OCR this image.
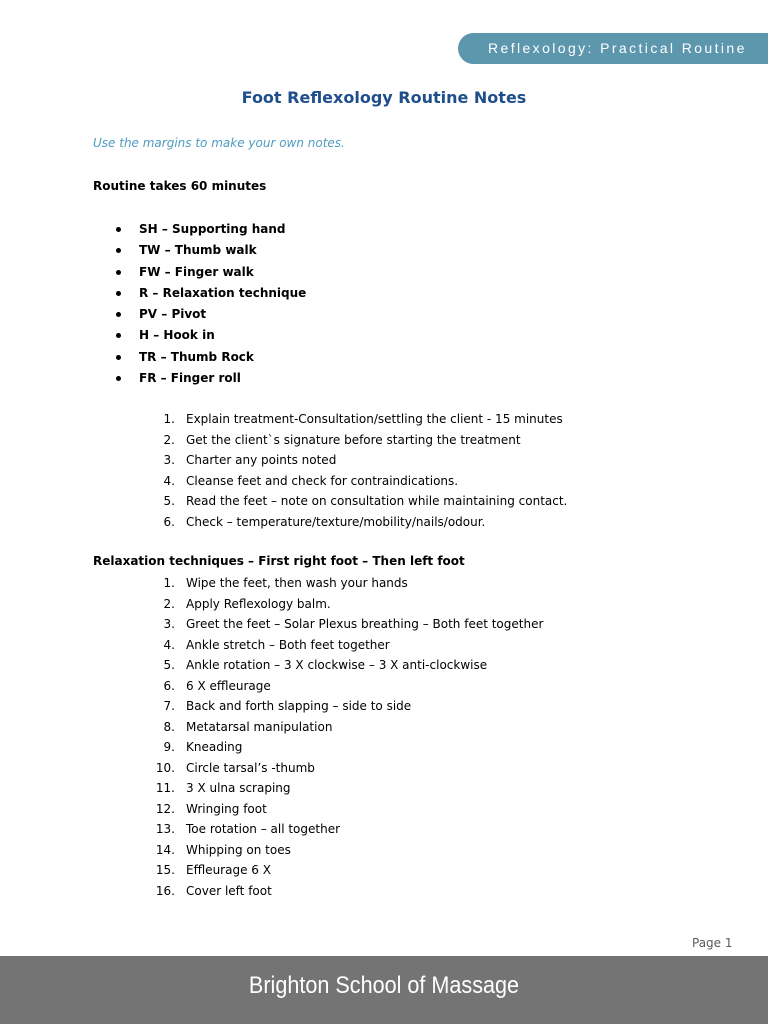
Reflexology: Practical Routine
Foot Reflexology Routine Notes

Use the margins to make your own notes.

Routine takes 60 minutes

SH – Supporting hand
TW – Thumb walk
FW – Finger walk
R – Relaxation technique
PV – Pivot
H – Hook in
TR – Thumb Rock
FR – Finger roll
1. Explain treatment-Consultation/settling the client - 15 minutes
2. Get the client`s signature before starting the treatment
3. Charter any points noted
4. Cleanse feet and check for contraindications.
5. Read the feet – note on consultation while maintaining contact.
6. Check – temperature/texture/mobility/nails/odour.

Relaxation techniques – First right foot – Then left foot

1. Wipe the feet, then wash your hands
2. Apply Reflexology balm.
3. Greet the feet – Solar Plexus breathing – Both feet together
4. Ankle stretch – Both feet together
5. Ankle rotation – 3 X clockwise – 3 X anti-clockwise
6. 6 X effleurage
7. Back and forth slapping – side to side
8. Metatarsal manipulation
9. Kneading
10. Circle tarsal’s -thumb
11. 3 X ulna scraping
12. Wringing foot
13. Toe rotation – all together
14. Whipping on toes
15. Effleurage 6 X
16. Cover left foot
Page 1
Brighton School of Massage
